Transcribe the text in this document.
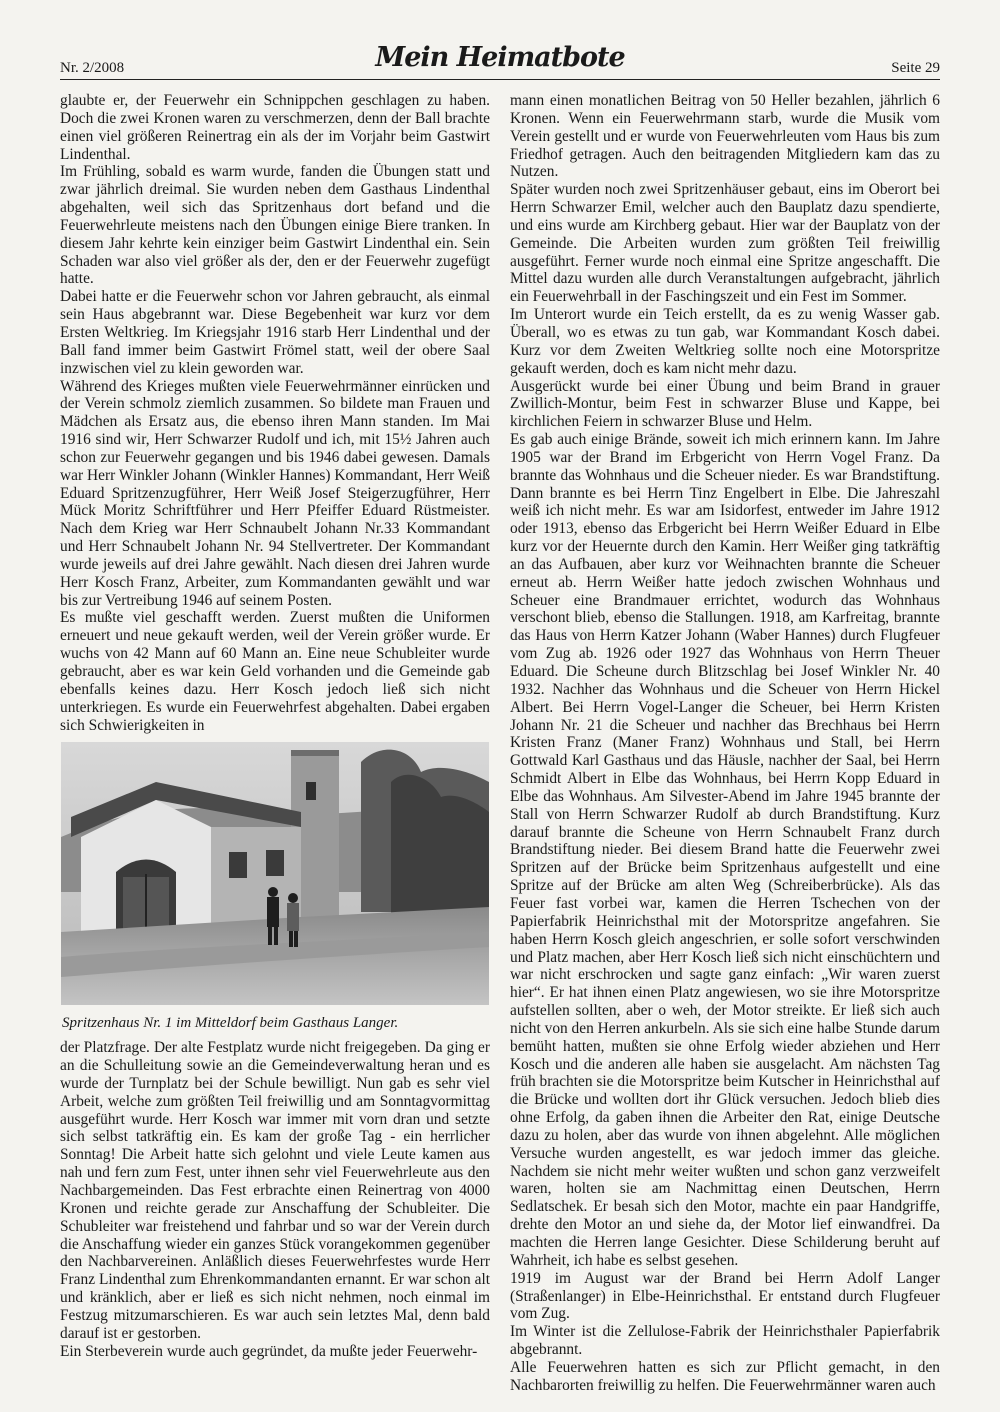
Nr. 2/2008	Mein Heimatbote	Seite 29

glaubte er, der Feuerwehr ein Schnippchen geschlagen zu haben. Doch die zwei Kronen waren zu verschmerzen, denn der Ball brachte einen viel größeren Reinertrag ein als der im Vorjahr beim Gastwirt Lindenthal.

Im Frühling, sobald es warm wurde, fanden die Übungen statt und zwar jährlich dreimal. Sie wurden neben dem Gasthaus Lindenthal abgehalten, weil sich das Spritzenhaus dort befand und die Feuerwehrleute meistens nach den Übungen einige Biere tranken. In diesem Jahr kehrte kein einziger beim Gastwirt Lindenthal ein. Sein Schaden war also viel größer als der, den er der Feuerwehr zugefügt hatte.

Dabei hatte er die Feuerwehr schon vor Jahren gebraucht, als einmal sein Haus abgebrannt war. Diese Begebenheit war kurz vor dem Ersten Weltkrieg. Im Kriegsjahr 1916 starb Herr Lindenthal und der Ball fand immer beim Gastwirt Frömel statt, weil der obere Saal inzwischen viel zu klein geworden war.

Während des Krieges mußten viele Feuerwehrmänner einrücken und der Verein schmolz ziemlich zusammen. So bildete man Frauen und Mädchen als Ersatz aus, die ebenso ihren Mann standen. Im Mai 1916 sind wir, Herr Schwarzer Rudolf und ich, mit 15½ Jahren auch schon zur Feuerwehr gegangen und bis 1946 dabei gewesen. Damals war Herr Winkler Johann (Winkler Hannes) Kommandant, Herr Weiß Eduard Spritzenzugführer, Herr Weiß Josef Steigerzugführer, Herr Mück Moritz Schriftführer und Herr Pfeiffer Eduard Rüstmeister. Nach dem Krieg war Herr Schnaubelt Johann Nr.33 Kommandant und Herr Schnaubelt Johann Nr. 94 Stellvertreter. Der Kommandant wurde jeweils auf drei Jahre gewählt. Nach diesen drei Jahren wurde Herr Kosch Franz, Arbeiter, zum Kommandanten gewählt und war bis zur Vertreibung 1946 auf seinem Posten.

Es mußte viel geschafft werden. Zuerst mußten die Uniformen erneuert und neue gekauft werden, weil der Verein größer wurde. Er wuchs von 42 Mann auf 60 Mann an. Eine neue Schubleiter wurde gebraucht, aber es war kein Geld vorhanden und die Gemeinde gab ebenfalls keines dazu. Herr Kosch jedoch ließ sich nicht unterkriegen. Es wurde ein Feuerwehrfest abgehalten. Dabei ergaben sich Schwierigkeiten in

Spritzenhaus Nr. 1 im Mitteldorf beim Gasthaus Langer.

der Platzfrage. Der alte Festplatz wurde nicht freigegeben. Da ging er an die Schulleitung sowie an die Gemeindeverwaltung heran und es wurde der Turnplatz bei der Schule bewilligt. Nun gab es sehr viel Arbeit, welche zum größten Teil freiwillig und am Sonntagvormittag ausgeführt wurde. Herr Kosch war immer mit vorn dran und setzte sich selbst tatkräftig ein. Es kam der große Tag - ein herrlicher Sonntag! Die Arbeit hatte sich gelohnt und viele Leute kamen aus nah und fern zum Fest, unter ihnen sehr viel Feuerwehrleute aus den Nachbargemeinden. Das Fest erbrachte einen Reinertrag von 4000 Kronen und reichte gerade zur Anschaffung der Schubleiter. Die Schubleiter war freistehend und fahrbar und so war der Verein durch die Anschaffung wieder ein ganzes Stück vorangekommen gegenüber den Nachbarvereinen. Anläßlich dieses Feuerwehrfestes wurde Herr Franz Lindenthal zum Ehrenkommandanten ernannt. Er war schon alt und kränklich, aber er ließ es sich nicht nehmen, noch einmal im Festzug mitzumarschieren. Es war auch sein letztes Mal, denn bald darauf ist er gestorben.

Ein Sterbeverein wurde auch gegründet, da mußte jeder Feuerwehr-

mann einen monatlichen Beitrag von 50 Heller bezahlen, jährlich 6 Kronen. Wenn ein Feuerwehrmann starb, wurde die Musik vom Verein gestellt und er wurde von Feuerwehrleuten vom Haus bis zum Friedhof getragen. Auch den beitragenden Mitgliedern kam das zu Nutzen.

Später wurden noch zwei Spritzenhäuser gebaut, eins im Oberort bei Herrn Schwarzer Emil, welcher auch den Bauplatz dazu spendierte, und eins wurde am Kirchberg gebaut. Hier war der Bauplatz von der Gemeinde. Die Arbeiten wurden zum größten Teil freiwillig ausgeführt. Ferner wurde noch einmal eine Spritze angeschafft. Die Mittel dazu wurden alle durch Veranstaltungen aufgebracht, jährlich ein Feuerwehrball in der Faschingszeit und ein Fest im Sommer.

Im Unterort wurde ein Teich erstellt, da es zu wenig Wasser gab. Überall, wo es etwas zu tun gab, war Kommandant Kosch dabei. Kurz vor dem Zweiten Weltkrieg sollte noch eine Motorspritze gekauft werden, doch es kam nicht mehr dazu.

Ausgerückt wurde bei einer Übung und beim Brand in grauer Zwillich-Montur, beim Fest in schwarzer Bluse und Kappe, bei kirchlichen Feiern in schwarzer Bluse und Helm.

Es gab auch einige Brände, soweit ich mich erinnern kann. Im Jahre 1905 war der Brand im Erbgericht von Herrn Vogel Franz. Da brannte das Wohnhaus und die Scheuer nieder. Es war Brandstiftung. Dann brannte es bei Herrn Tinz Engelbert in Elbe. Die Jahreszahl weiß ich nicht mehr. Es war am Isidorfest, entweder im Jahre 1912 oder 1913, ebenso das Erbgericht bei Herrn Weißer Eduard in Elbe kurz vor der Heuernte durch den Kamin. Herr Weißer ging tatkräftig an das Aufbauen, aber kurz vor Weihnachten brannte die Scheuer erneut ab. Herrn Weißer hatte jedoch zwischen Wohnhaus und Scheuer eine Brandmauer errichtet, wodurch das Wohnhaus verschont blieb, ebenso die Stallungen. 1918, am Karfreitag, brannte das Haus von Herrn Katzer Johann (Waber Hannes) durch Flugfeuer vom Zug ab. 1926 oder 1927 das Wohnhaus von Herrn Theuer Eduard. Die Scheune durch Blitzschlag bei Josef Winkler Nr. 40 1932. Nachher das Wohnhaus und die Scheuer von Herrn Hickel Albert. Bei Herrn Vogel-Langer die Scheuer, bei Herrn Kristen Johann Nr. 21 die Scheuer und nachher das Brechhaus bei Herrn Kristen Franz (Maner Franz) Wohnhaus und Stall, bei Herrn Gottwald Karl Gasthaus und das Häusle, nachher der Saal, bei Herrn Schmidt Albert in Elbe das Wohnhaus, bei Herrn Kopp Eduard in Elbe das Wohnhaus. Am Silvester-Abend im Jahre 1945 brannte der Stall von Herrn Schwarzer Rudolf ab durch Brandstiftung. Kurz darauf brannte die Scheune von Herrn Schnaubelt Franz durch Brandstiftung nieder. Bei diesem Brand hatte die Feuerwehr zwei Spritzen auf der Brücke beim Spritzenhaus aufgestellt und eine Spritze auf der Brücke am alten Weg (Schreiberbrücke). Als das Feuer fast vorbei war, kamen die Herren Tschechen von der Papierfabrik Heinrichsthal mit der Motorspritze angefahren. Sie haben Herrn Kosch gleich angeschrien, er solle sofort verschwinden und Platz machen, aber Herr Kosch ließ sich nicht einschüchtern und war nicht erschrocken und sagte ganz einfach: „Wir waren zuerst hier“. Er hat ihnen einen Platz angewiesen, wo sie ihre Motorspritze aufstellen sollten, aber o weh, der Motor streikte. Er ließ sich auch nicht von den Herren ankurbeln. Als sie sich eine halbe Stunde darum bemüht hatten, mußten sie ohne Erfolg wieder abziehen und Herr Kosch und die anderen alle haben sie ausgelacht. Am nächsten Tag früh brachten sie die Motorspritze beim Kutscher in Heinrichsthal auf die Brücke und wollten dort ihr Glück versuchen. Jedoch blieb dies ohne Erfolg, da gaben ihnen die Arbeiter den Rat, einige Deutsche dazu zu holen, aber das wurde von ihnen abgelehnt. Alle möglichen Versuche wurden angestellt, es war jedoch immer das gleiche. Nachdem sie nicht mehr weiter wußten und schon ganz verzweifelt waren, holten sie am Nachmittag einen Deutschen, Herrn Sedlatschek. Er besah sich den Motor, machte ein paar Handgriffe, drehte den Motor an und siehe da, der Motor lief einwandfrei. Da machten die Herren lange Gesichter. Diese Schilderung beruht auf Wahrheit, ich habe es selbst gesehen.

1919 im August war der Brand bei Herrn Adolf Langer (Straßenlanger) in Elbe-Heinrichsthal. Er entstand durch Flugfeuer vom Zug.

Im Winter ist die Zellulose-Fabrik der Heinrichsthaler Papierfabrik abgebrannt.

Alle Feuerwehren hatten es sich zur Pflicht gemacht, in den Nachbarorten freiwillig zu helfen. Die Feuerwehrmänner waren auch
